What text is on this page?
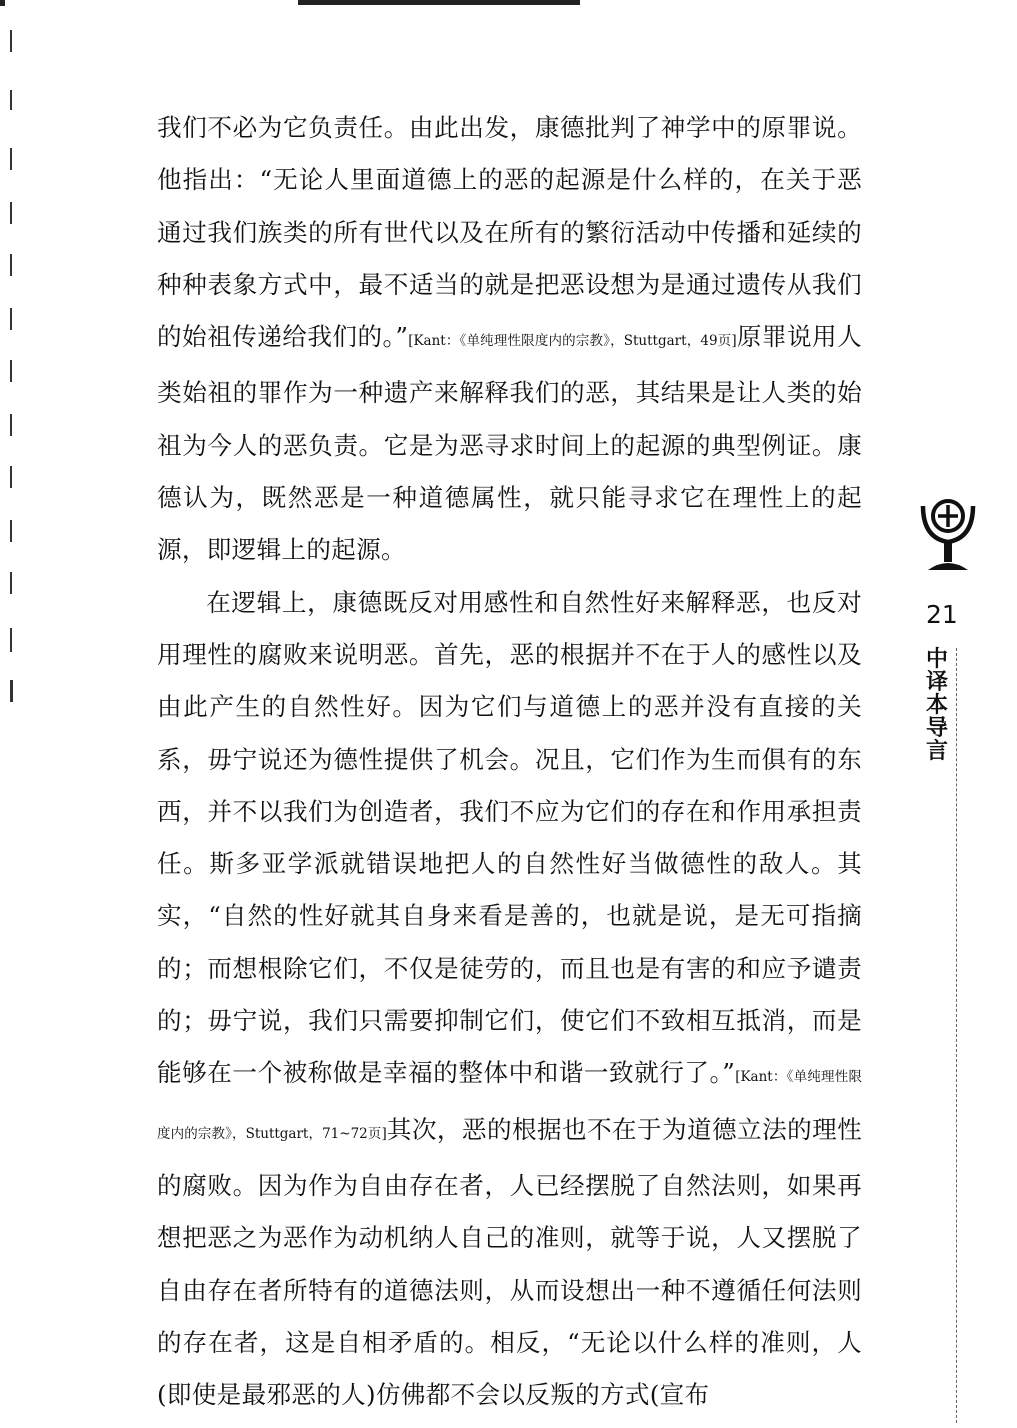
我们不必为它负责任。由此出发，康德批判了神学中的原罪说。他指出：“无论人里面道德上的恶的起源是什么样的，在关于恶通过我们族类的所有世代以及在所有的繁衍活动中传播和延续的种种表象方式中，最不适当的就是把恶设想为是通过遗传从我们的始祖传递给我们的。”[Kant：《单纯理性限度内的宗教》，Stuttgart，49页]原罪说用人类始祖的罪作为一种遗产来解释我们的恶，其结果是让人类的始祖为今人的恶负责。它是为恶寻求时间上的起源的典型例证。康德认为，既然恶是一种道德属性，就只能寻求它在理性上的起源，即逻辑上的起源。

在逻辑上，康德既反对用感性和自然性好来解释恶，也反对用理性的腐败来说明恶。首先，恶的根据并不在于人的感性以及由此产生的自然性好。因为它们与道德上的恶并没有直接的关系，毋宁说还为德性提供了机会。况且，它们作为生而俱有的东西，并不以我们为创造者，我们不应为它们的存在和作用承担责任。斯多亚学派就错误地把人的自然性好当做德性的敌人。其实，“自然的性好就其自身来看是善的，也就是说，是无可指摘的；而想根除它们，不仅是徒劳的，而且也是有害的和应予谴责的；毋宁说，我们只需要抑制它们，使它们不致相互抵消，而是能够在一个被称做是幸福的整体中和谐一致就行了。”[Kant：《单纯理性限度内的宗教》，Stuttgart，71~72页]其次，恶的根据也不在于为道德立法的理性的腐败。因为作为自由存在者，人已经摆脱了自然法则，如果再想把恶之为恶作为动机纳人自己的准则，就等于说，人又摆脱了自由存在者所特有的道德法则，从而设想出一种不遵循任何法则的存在者，这是自相矛盾的。相反，“无论以什么样的准则，人(即使是最邪恶的人)仿佛都不会以反叛的方式(宣布

21
中
译
本
导
言
